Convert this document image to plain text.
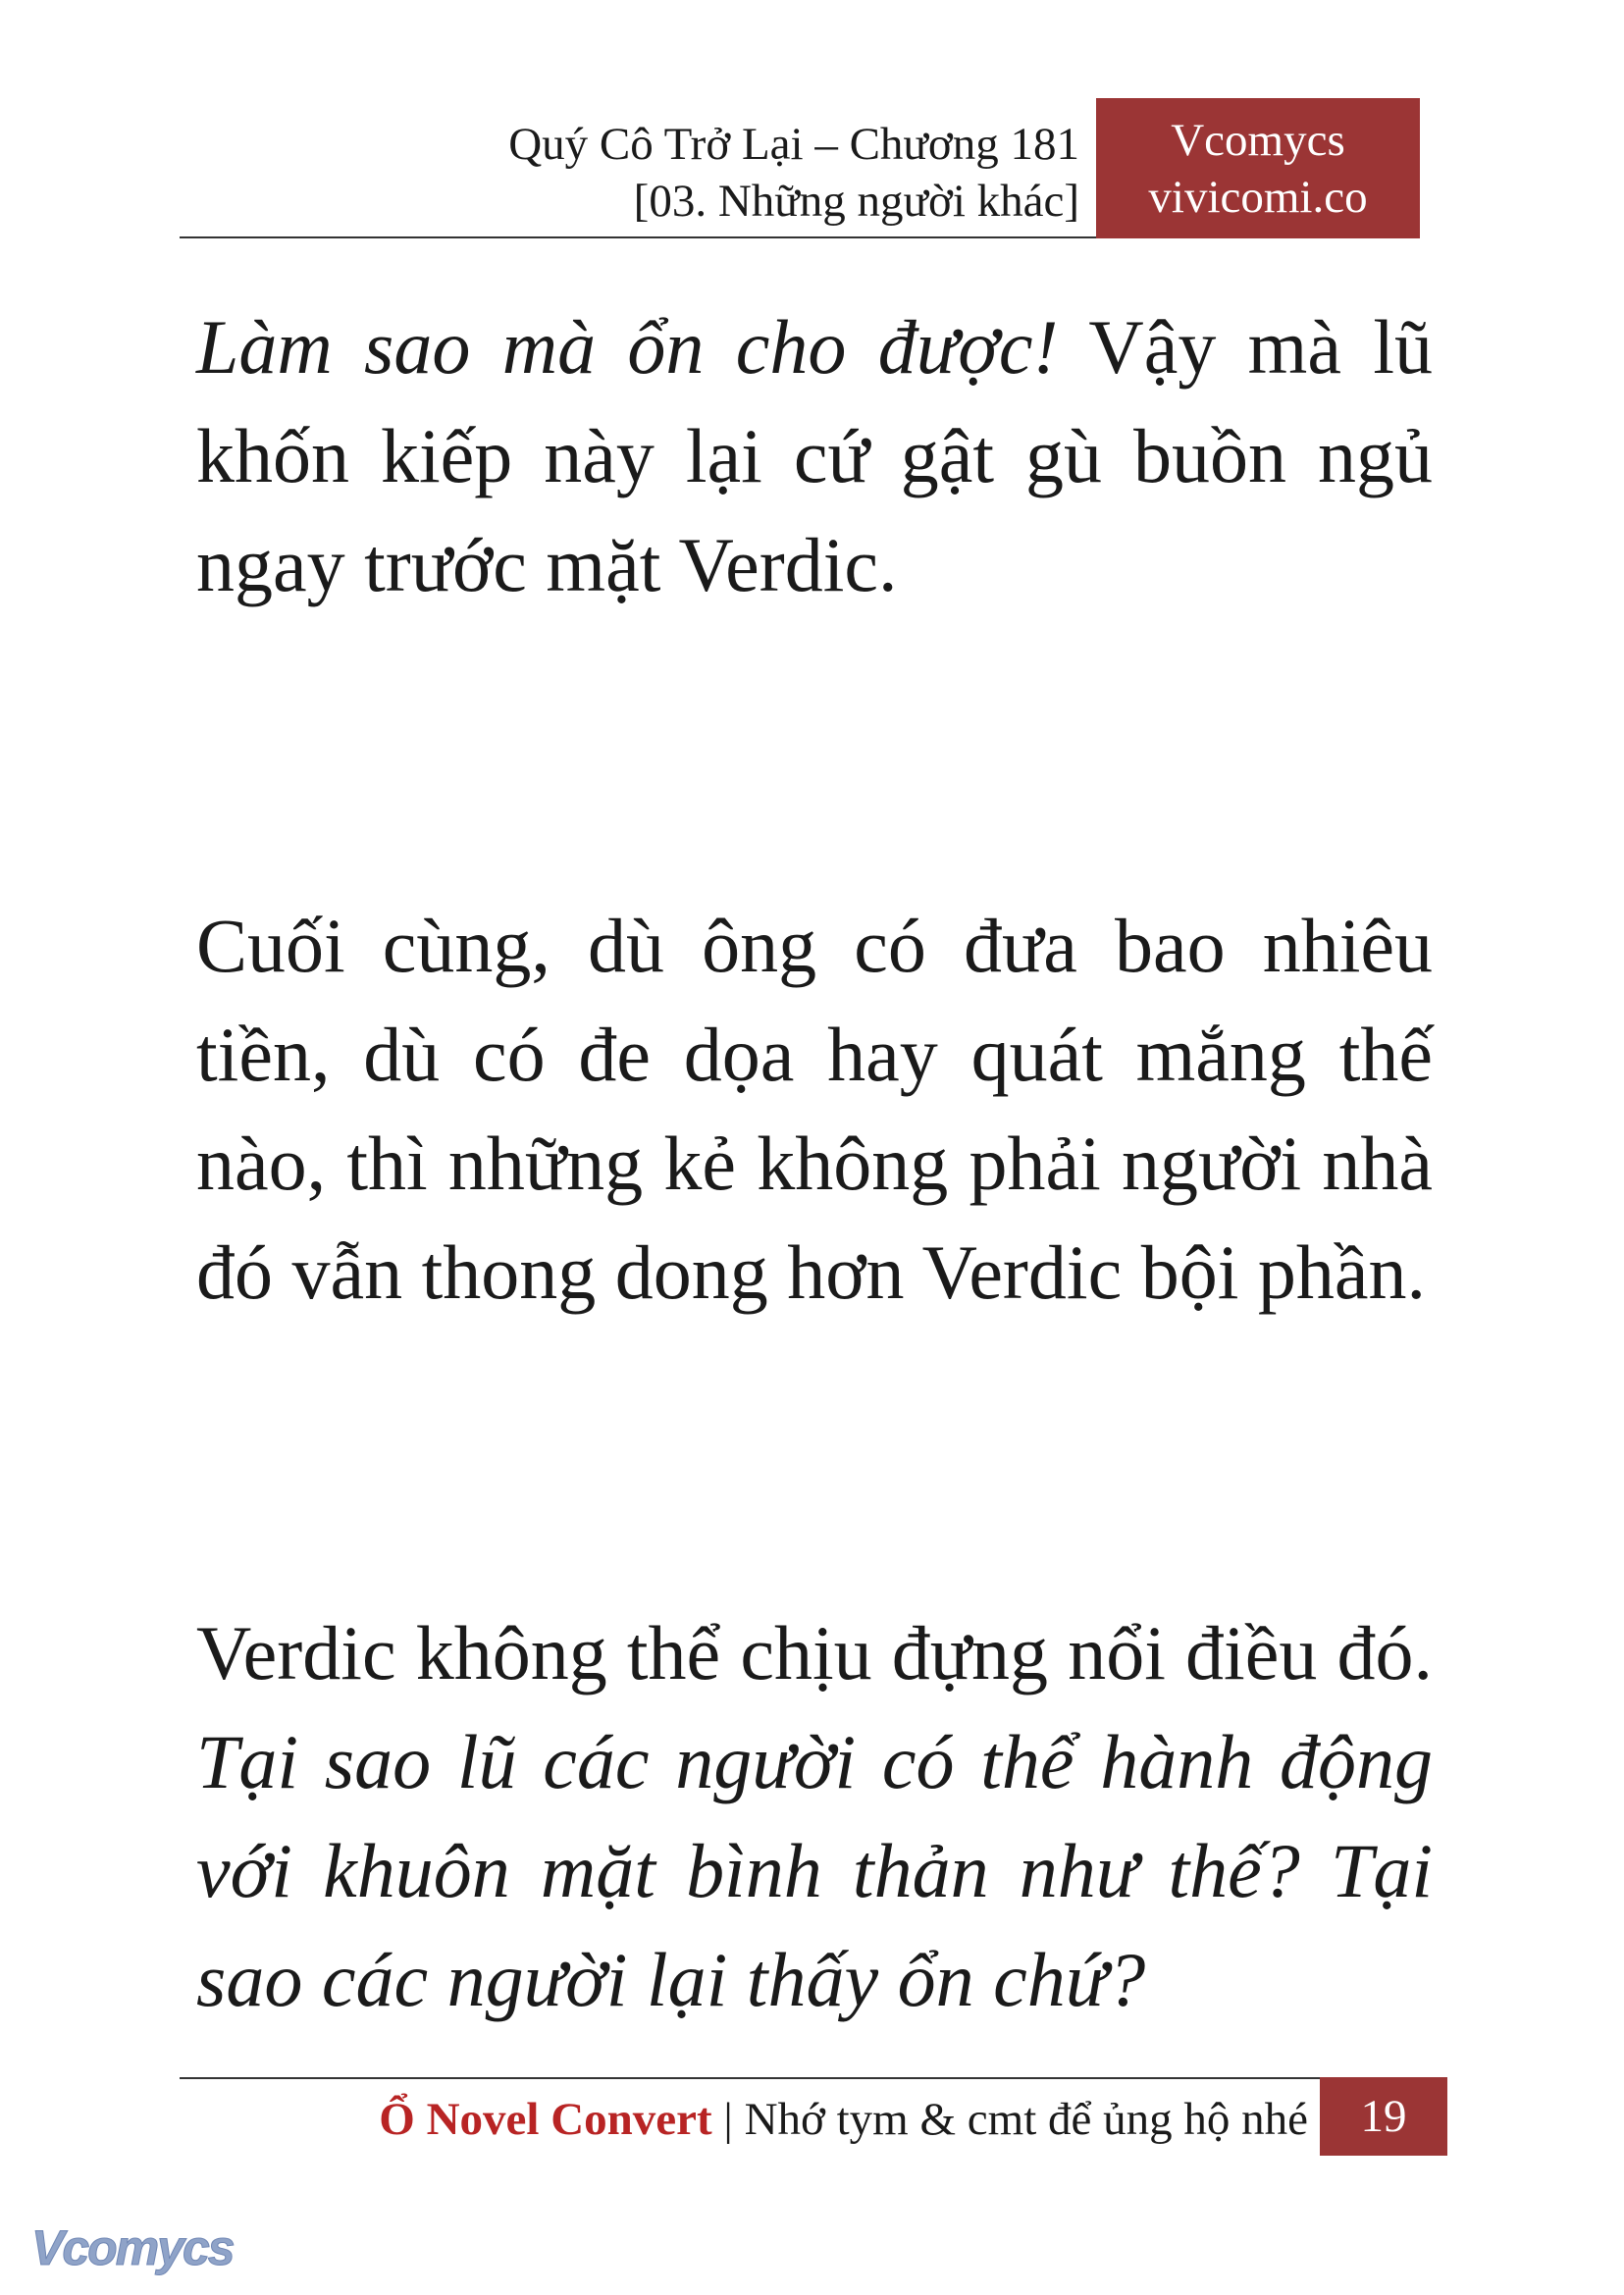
Quý Cô Trở Lại – Chương 181
[03. Những người khác]
Vcomycs
vivicomi.co

Làm sao mà ổn cho được! Vậy mà lũ khốn kiếp này lại cứ gật gù buồn ngủ ngay trước mặt Verdic.

Cuối cùng, dù ông có đưa bao nhiêu tiền, dù có đe dọa hay quát mắng thế nào, thì những kẻ không phải người nhà đó vẫn thong dong hơn Verdic bội phần.

Verdic không thể chịu đựng nổi điều đó. Tại sao lũ các người có thể hành động với khuôn mặt bình thản như thế? Tại sao các người lại thấy ổn chứ?

Ổ Novel Convert | Nhớ tym & cmt để ủng hộ nhé	19
Vcomycs
